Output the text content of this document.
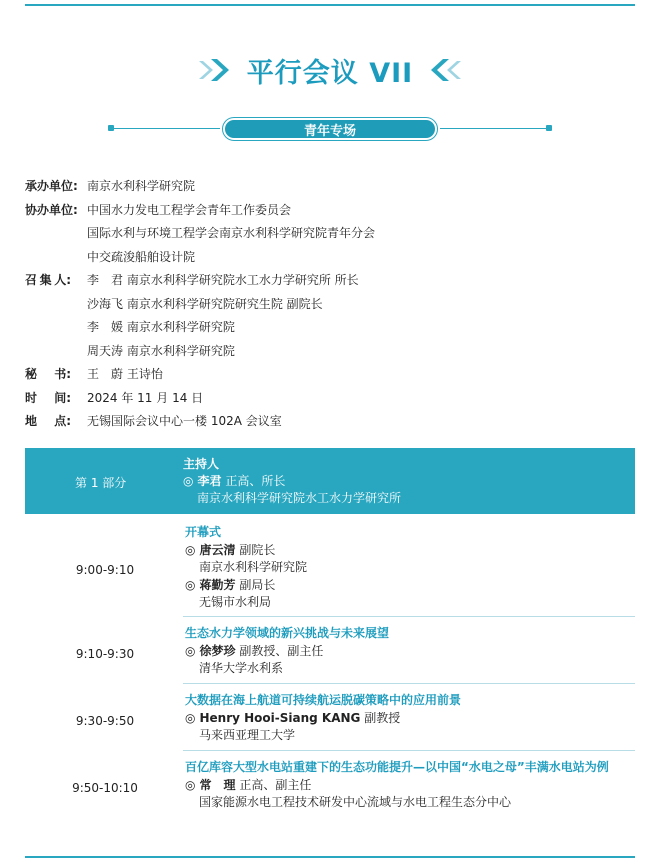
平行会议 VII
青年专场
承办单位: 南京水利科学研究院
协办单位: 中国水力发电工程学会青年工作委员会
国际水利与环境工程学会南京水利科学研究院青年分会
中交疏浚船舶设计院
召 集 人: 李　君 南京水利科学研究院水工水力学研究所 所长
沙海飞 南京水利科学研究院研究生院 副院长
李　媛 南京水利科学研究院
周天涛 南京水利科学研究院
秘 书: 王　蔚 王诗怡
时 间: 2024 年 11 月 14 日
地 点: 无锡国际会议中心一楼 102A 会议室
第 1 部分
主持人
◎ 李君 正高、所长
南京水利科学研究院水工水力学研究所
9:00-9:10
开幕式
◎ 唐云清 副院长
南京水利科学研究院
◎ 蒋勤芳 副局长
无锡市水利局
9:10-9:30
生态水力学领域的新兴挑战与未来展望
◎ 徐梦珍 副教授、副主任
清华大学水利系
9:30-9:50
大数据在海上航道可持续航运脱碳策略中的应用前景
◎ Henry Hooi-Siang KANG 副教授
马来西亚理工大学
9:50-10:10
百亿库容大型水电站重建下的生态功能提升—以中国“水电之母”丰满水电站为例
◎ 常　理 正高、副主任
国家能源水电工程技术研发中心流域与水电工程生态分中心
